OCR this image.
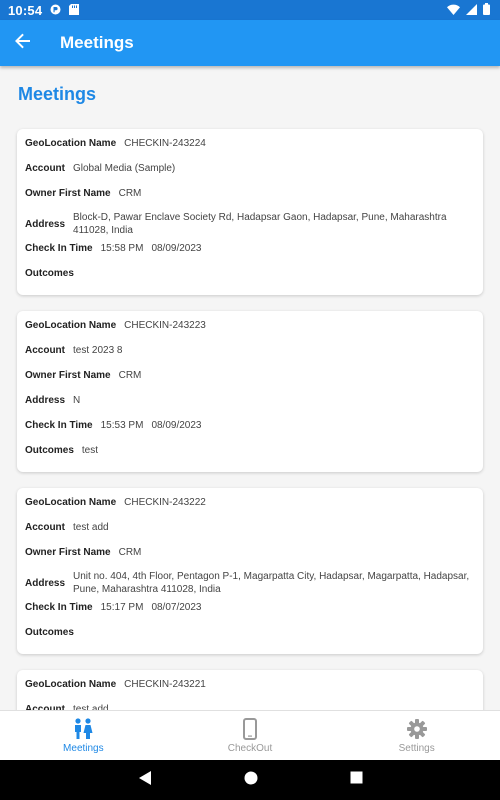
10:54
Meetings
Meetings
GeoLocation Name CHECKIN-243224
Account Global Media (Sample)
Owner First Name CRM
Address
Block-D, Pawar Enclave Society Rd, Hadapsar Gaon, Hadapsar, Pune, Maharashtra 411028, India
Check In Time 15:58 PM 08/09/2023
Outcomes
GeoLocation Name CHECKIN-243223
Account test 2023 8
Owner First Name CRM
Address N
Check In Time 15:53 PM 08/09/2023
Outcomes test
GeoLocation Name CHECKIN-243222
Account test add
Owner First Name CRM
Address
Unit no. 404, 4th Floor, Pentagon P-1, Magarpatta City, Hadapsar, Magarpatta, Hadapsar, Pune, Maharashtra 411028, India
Check In Time 15:17 PM 08/07/2023
Outcomes
GeoLocation Name CHECKIN-243221
Meetings	CheckOut	Settings
